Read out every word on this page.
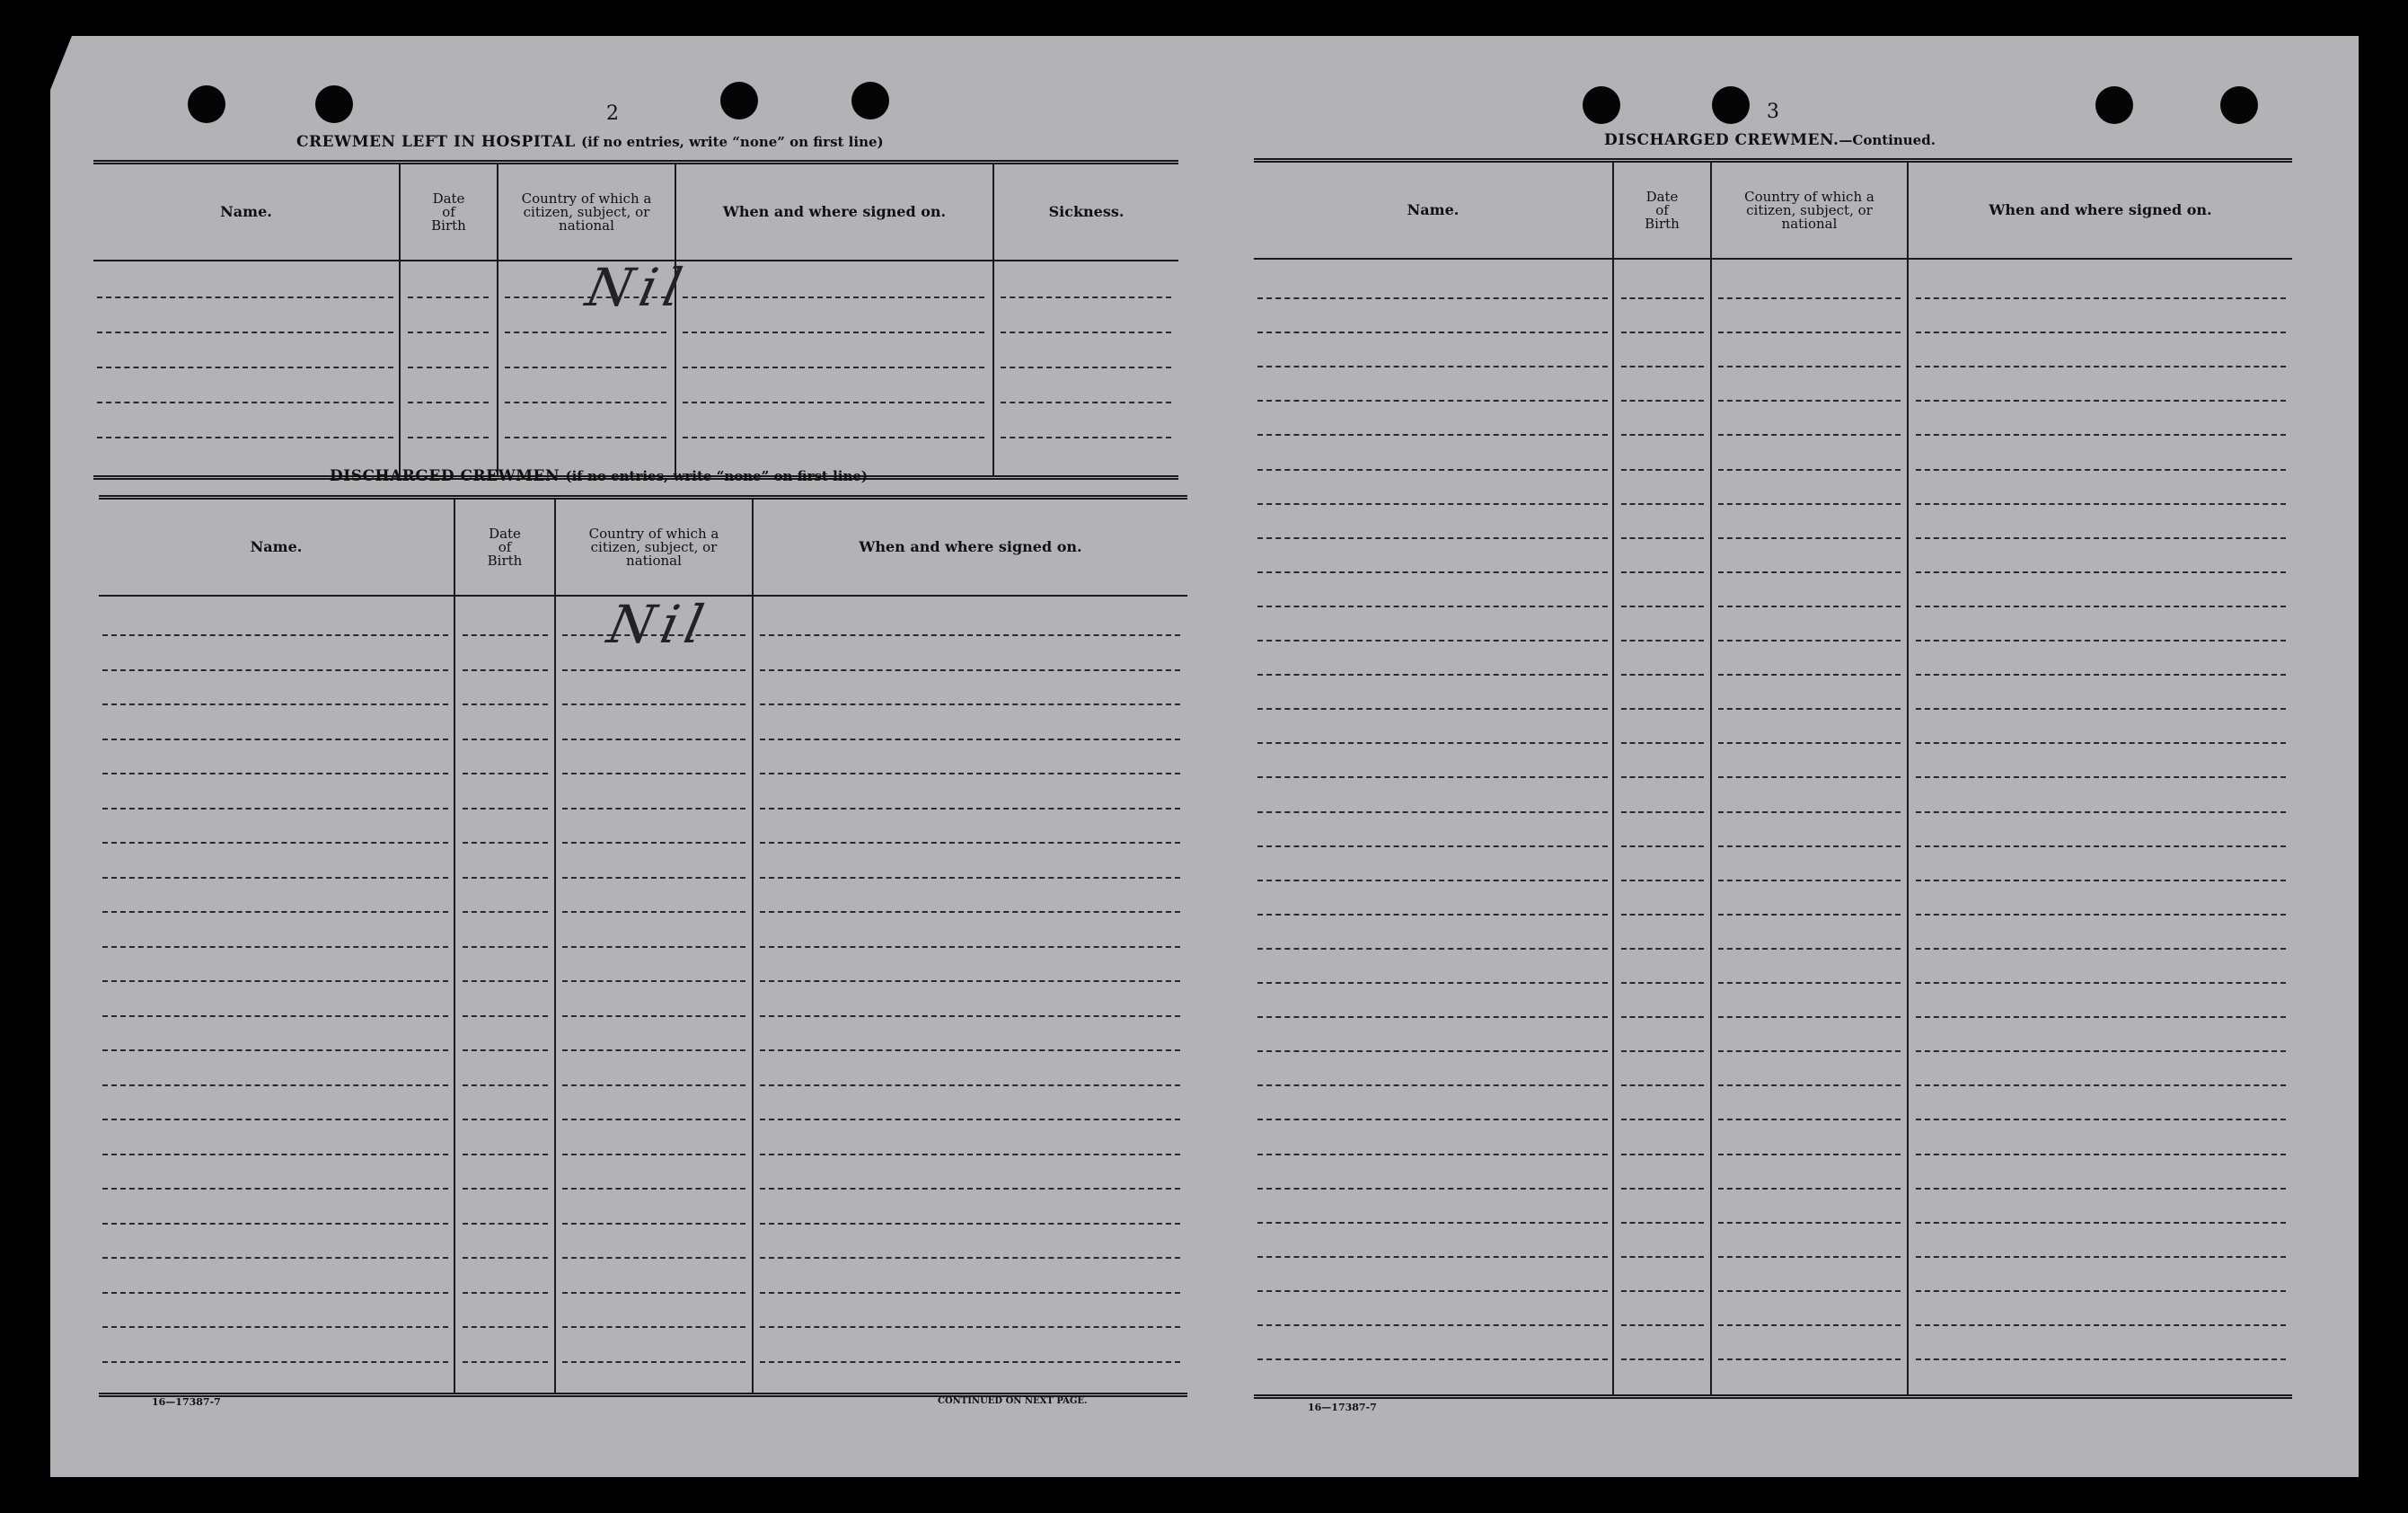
2
CREWMEN LEFT IN HOSPITAL (if no entries, write “none” on first line)
Name.
Date
of
Birth
Country of which a
citizen, subject, or
national
When and where signed on.	Sickness.
Nil
DISCHARGED CREWMEN (if no entries, write “none” on first line)
Name.
Date
of
Birth
Country of which a
citizen, subject, or
national
When and where signed on.
Nil
16—17387-7	CONTINUED ON NEXT PAGE.
3
DISCHARGED CREWMEN.—Continued.
Name.
Date
of
Birth
Country of which a
citizen, subject, or
national
When and where signed on.
16—17387-7
